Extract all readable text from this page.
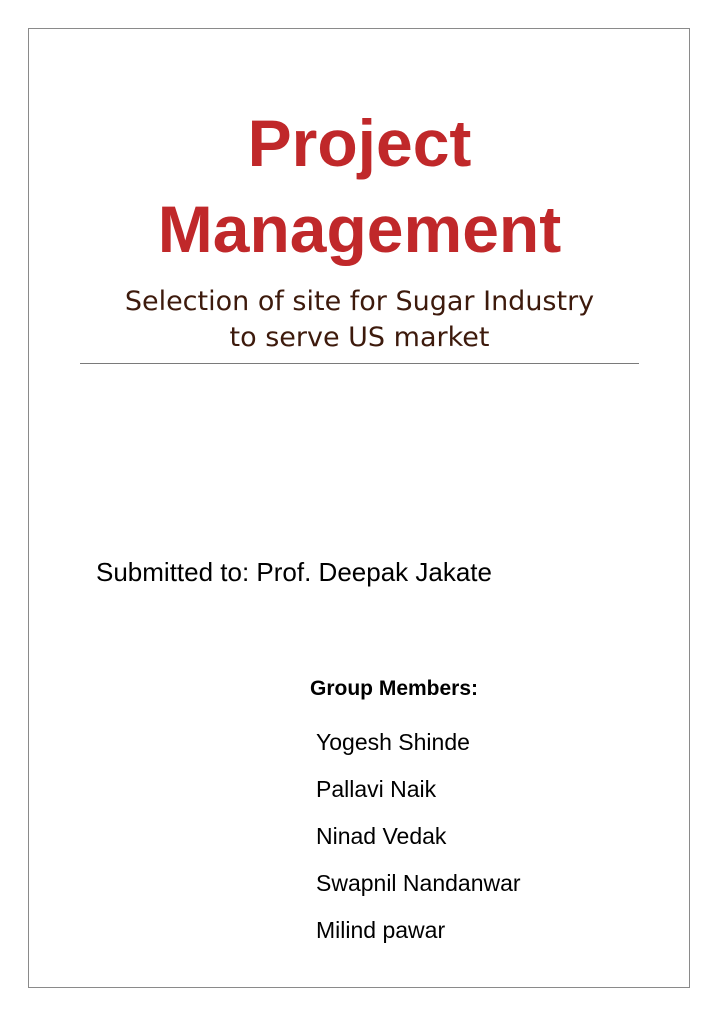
Project
Management
Selection of site for Sugar Industry
to serve US market
Submitted to: Prof. Deepak Jakate
Group Members:
Yogesh Shinde
Pallavi Naik
Ninad Vedak
Swapnil Nandanwar
Milind pawar
